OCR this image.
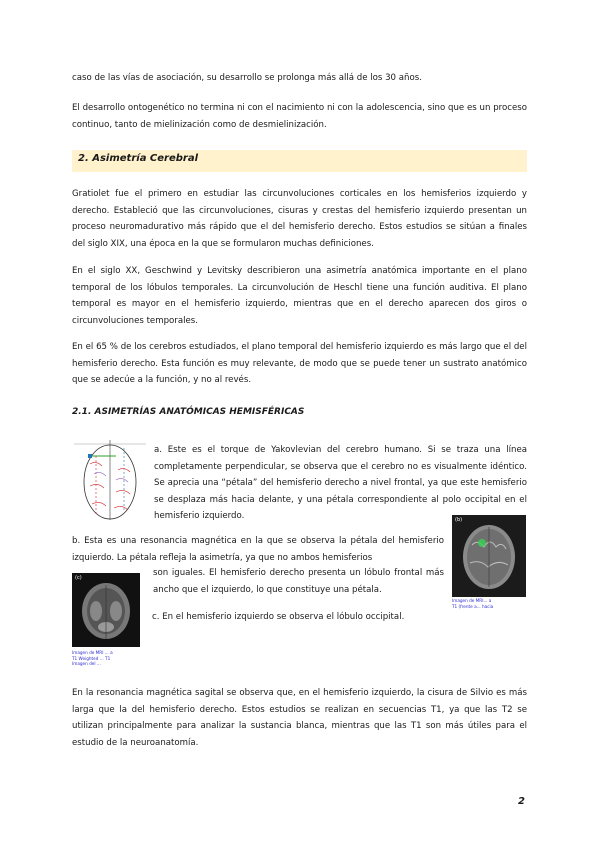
caso de las vías de asociación, su desarrollo se prolonga más allá de los 30 años.
El desarrollo ontogenético no termina ni con el nacimiento ni con la adolescencia, sino que es un proceso continuo, tanto de mielinización como de desmielinización.
2. Asimetría Cerebral
Gratiolet fue el primero en estudiar las circunvoluciones corticales en los hemisferios izquierdo y derecho. Estableció que las circunvoluciones, cisuras y crestas del hemisferio izquierdo presentan un proceso neuromadurativo más rápido que el del hemisferio derecho. Estos estudios se sitúan a finales del siglo XIX, una época en la que se formularon muchas definiciones.
En el siglo XX, Geschwind y Levitsky describieron una asimetría anatómica importante en el plano temporal de los lóbulos temporales. La circunvolución de Heschl tiene una función auditiva. El plano temporal es mayor en el hemisferio izquierdo, mientras que en el derecho aparecen dos giros o circunvoluciones temporales.
En el 65 % de los cerebros estudiados, el plano temporal del hemisferio izquierdo es más largo que el del hemisferio derecho. Esta función es muy relevante, de modo que se puede tener un sustrato anatómico que se adecúe a la función, y no al revés.
2.1. ASIMETRÍAS ANATÓMICAS HEMISFÉRICAS
a. Este es el torque de Yakovlevian del cerebro humano. Si se traza una línea completamente perpendicular, se observa que el cerebro no es visualmente idéntico. Se aprecia una “pétala” del hemisferio derecho a nivel frontal, ya que este hemisferio se desplaza más hacia delante, y una pétala correspondiente al polo occipital en el hemisferio izquierdo.
b. Esta es una resonancia magnética en la que se observa la pétala del hemisferio izquierdo. La pétala refleja la asimetría, ya que no ambos hemisferios
son iguales. El hemisferio derecho presenta un lóbulo frontal más ancho que el izquierdo, lo que constituye una pétala.
(b)
Imagen de MRI... a
T1 (frente a... hacia
(c)
Imagen de MRI ... a
T1 Weighted ... T1
Imagen del ...
c. En el hemisferio izquierdo se observa el lóbulo occipital.
En la resonancia magnética sagital se observa que, en el hemisferio izquierdo, la cisura de Silvio es más larga que la del hemisferio derecho. Estos estudios se realizan en secuencias T1, ya que las T2 se utilizan principalmente para analizar la sustancia blanca, mientras que las T1 son más útiles para el estudio de la neuroanatomía.
2
